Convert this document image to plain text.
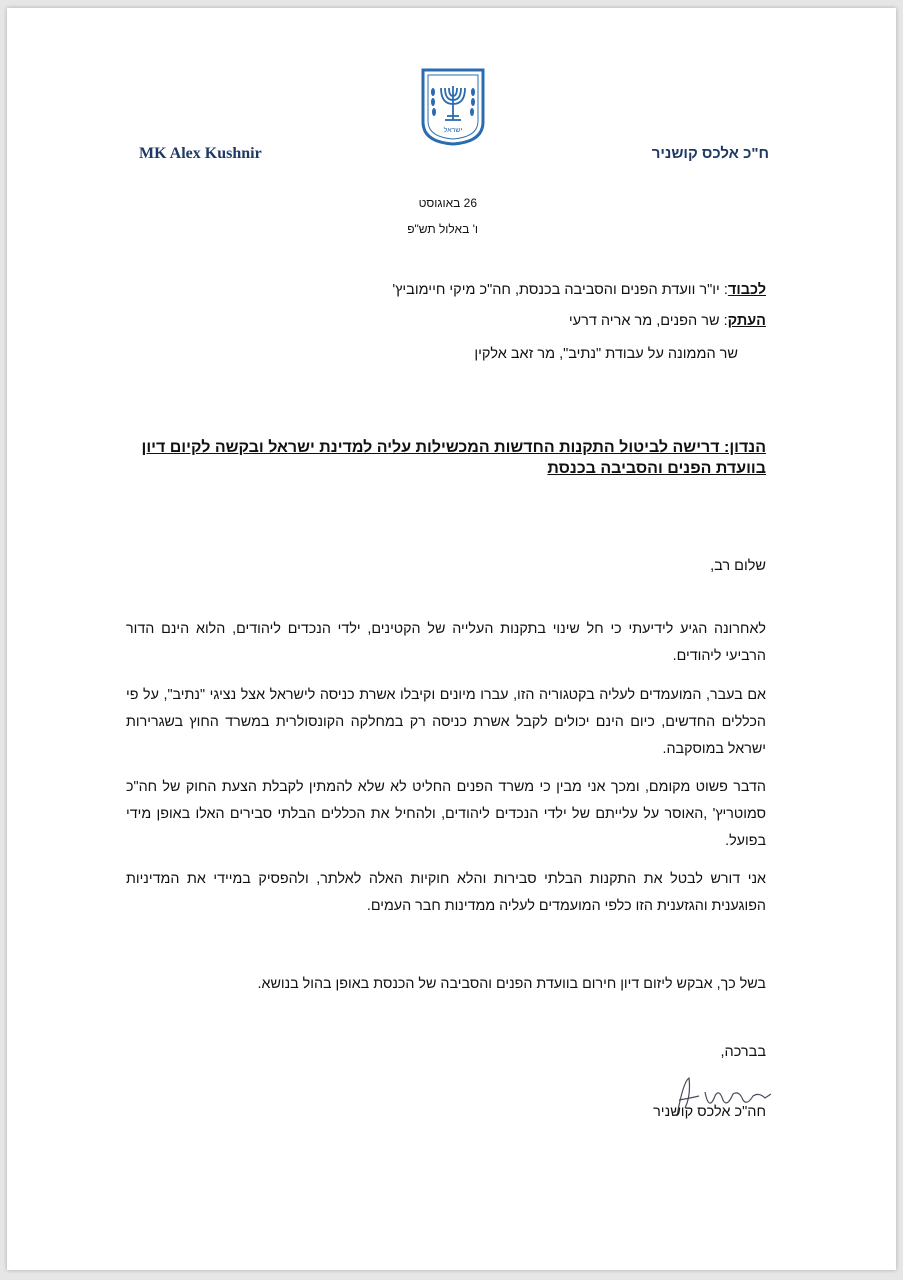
ישראל
MK Alex Kushnir	ח"כ אלכס קושניר
26 באוגוסט
ו' באלול תש"פ
לכבוד: יו"ר וועדת הפנים והסביבה בכנסת, חה"כ מיקי חיימוביץ'
העתק: שר הפנים, מר אריה דרעי
שר הממונה על עבודת "נתיב", מר זאב אלקין
הנדון: דרישה לביטול התקנות החדשות המכשילות עליה למדינת ישראל ובקשה לקיום דיון בוועדת הפנים והסביבה בכנסת
שלום רב,

לאחרונה הגיע לידיעתי כי חל שינוי בתקנות העלייה של הקטינים, ילדי הנכדים ליהודים, הלוא הינם הדור הרביעי ליהודים.

אם בעבר, המועמדים לעליה בקטגוריה הזו, עברו מיונים וקיבלו אשרת כניסה לישראל אצל נציגי "נתיב", על פי הכללים החדשים, כיום הינם יכולים לקבל אשרת כניסה רק במחלקה הקונסולרית במשרד החוץ בשגרירות ישראל במוסקבה.

הדבר פשוט מקומם, ומכך אני מבין כי משרד הפנים החליט לא שלא להמתין לקבלת הצעת החוק של חה"כ סמוטריץ' ,האוסר על עלייתם של ילדי הנכדים ליהודים, ולהחיל את הכללים הבלתי סבירים האלו באופן מידי בפועל.

אני דורש לבטל את התקנות הבלתי סבירות והלא חוקיות האלה לאלתר, ולהפסיק במיידי את המדיניות הפוגענית והגזענית הזו כלפי המועמדים לעליה ממדינות חבר העמים.

בשל כך, אבקש ליזום דיון חירום בוועדת הפנים והסביבה של הכנסת באופן בהול בנושא.

בברכה,
חה"כ אלכס קושניר
